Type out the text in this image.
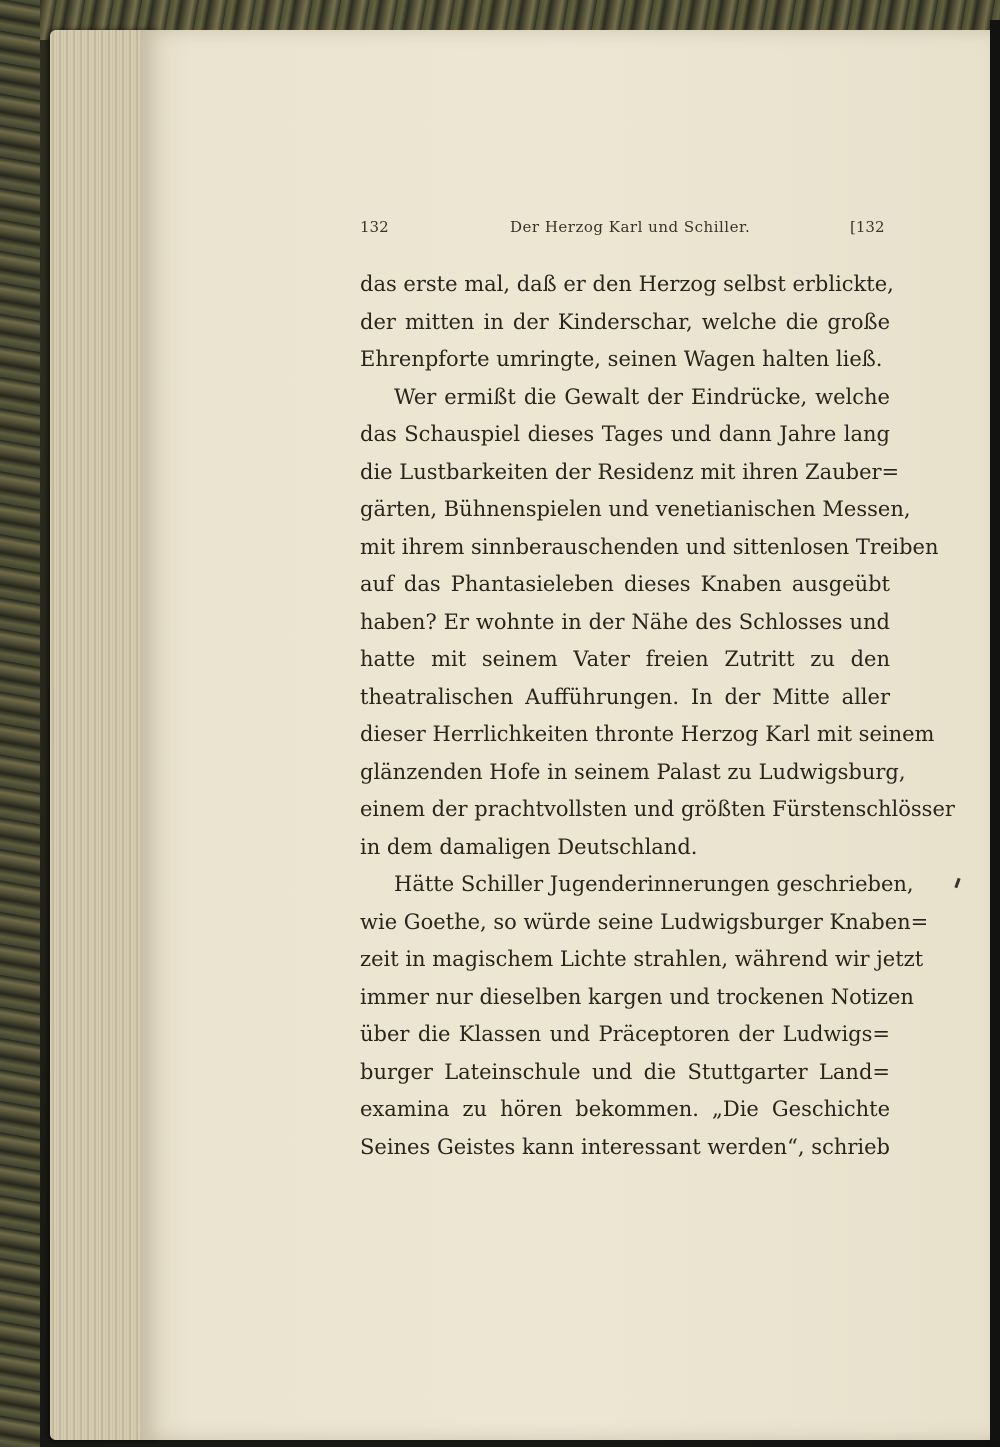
132	Der Herzog Karl und Schiller.	[132
das erste mal, daß er den Herzog selbst erblickte,
der mitten in der Kinderschar, welche die große
Ehrenpforte umringte, seinen Wagen halten ließ.
Wer ermißt die Gewalt der Eindrücke, welche
das Schauspiel dieses Tages und dann Jahre lang
die Lustbarkeiten der Residenz mit ihren Zauber=
gärten, Bühnenspielen und venetianischen Messen,
mit ihrem sinnberauschenden und sittenlosen Treiben
auf das Phantasieleben dieses Knaben ausgeübt
haben? Er wohnte in der Nähe des Schlosses und
hatte mit seinem Vater freien Zutritt zu den
theatralischen Aufführungen. In der Mitte aller
dieser Herrlichkeiten thronte Herzog Karl mit seinem
glänzenden Hofe in seinem Palast zu Ludwigsburg,
einem der prachtvollsten und größten Fürstenschlösser
in dem damaligen Deutschland.
Hätte Schiller Jugenderinnerungen geschrieben,
wie Goethe, so würde seine Ludwigsburger Knaben=
zeit in magischem Lichte strahlen, während wir jetzt
immer nur dieselben kargen und trockenen Notizen
über die Klassen und Präceptoren der Ludwigs=
burger Lateinschule und die Stuttgarter Land=
examina zu hören bekommen. „Die Geschichte
Seines Geistes kann interessant werden“, schrieb
